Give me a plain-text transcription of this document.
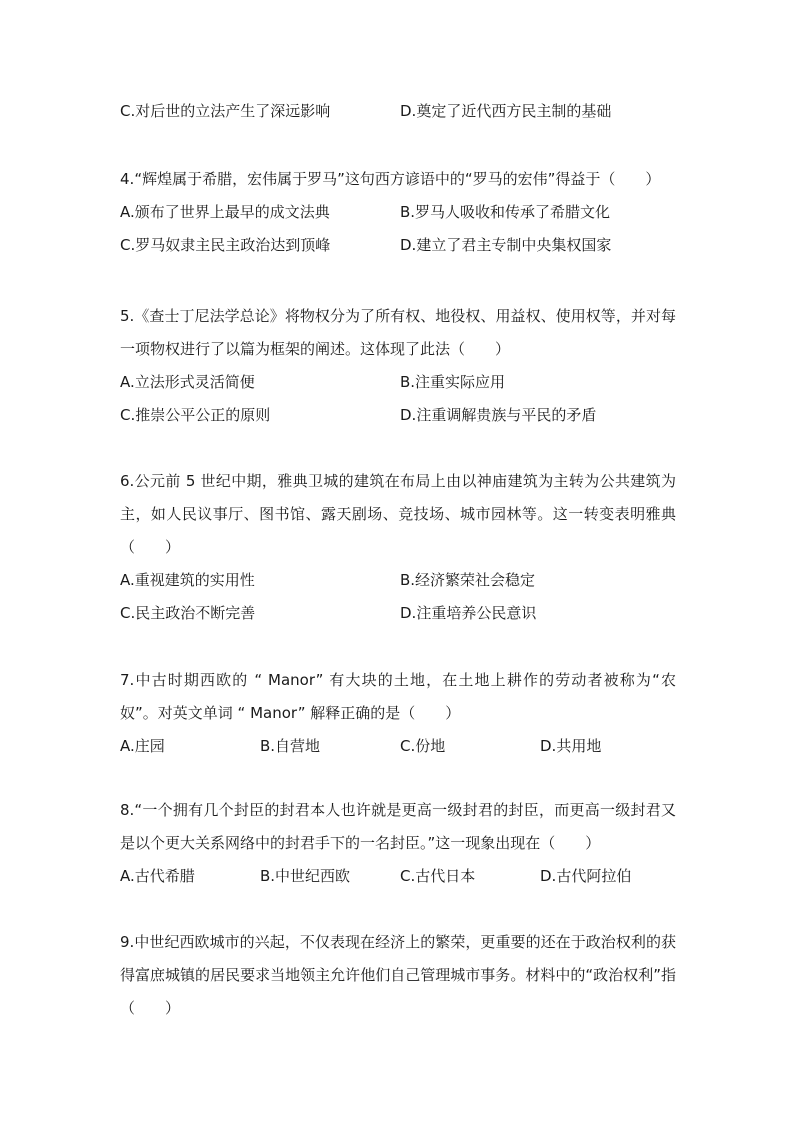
C.对后世的立法产生了深远影响	D.奠定了近代西方民主制的基础

4.“辉煌属于希腊，宏伟属于罗马”这句西方谚语中的“罗马的宏伟”得益于（　　）

A.颁布了世界上最早的成文法典	B.罗马人吸收和传承了希腊文化
C.罗马奴隶主民主政治达到顶峰	D.建立了君主专制中央集权国家

5.《查士丁尼法学总论》将物权分为了所有权、地役权、用益权、使用权等，并对每一项物权进行了以篇为框架的阐述。这体现了此法（　　）

A.立法形式灵活简便	B.注重实际应用
C.推崇公平公正的原则	D.注重调解贵族与平民的矛盾

6.公元前 5 世纪中期，雅典卫城的建筑在布局上由以神庙建筑为主转为公共建筑为主，如人民议事厅、图书馆、露天剧场、竞技场、城市园林等。这一转变表明雅典（　　）

A.重视建筑的实用性	B.经济繁荣社会稳定
C.民主政治不断完善	D.注重培养公民意识

7.中古时期西欧的 “ Manor” 有大块的土地，在土地上耕作的劳动者被称为“农奴”。对英文单词 “ Manor” 解释正确的是（　　）

A.庄园	B.自营地	C.份地	D.共用地

8.“一个拥有几个封臣的封君本人也许就是更高一级封君的封臣，而更高一级封君又是以个更大关系网络中的封君手下的一名封臣。”这一现象出现在（　　）

A.古代希腊	B.中世纪西欧	C.古代日本	D.古代阿拉伯

9.中世纪西欧城市的兴起，不仅表现在经济上的繁荣，更重要的还在于政治权利的获得富庶城镇的居民要求当地领主允许他们自己管理城市事务。材料中的“政治权利”指（　　）
